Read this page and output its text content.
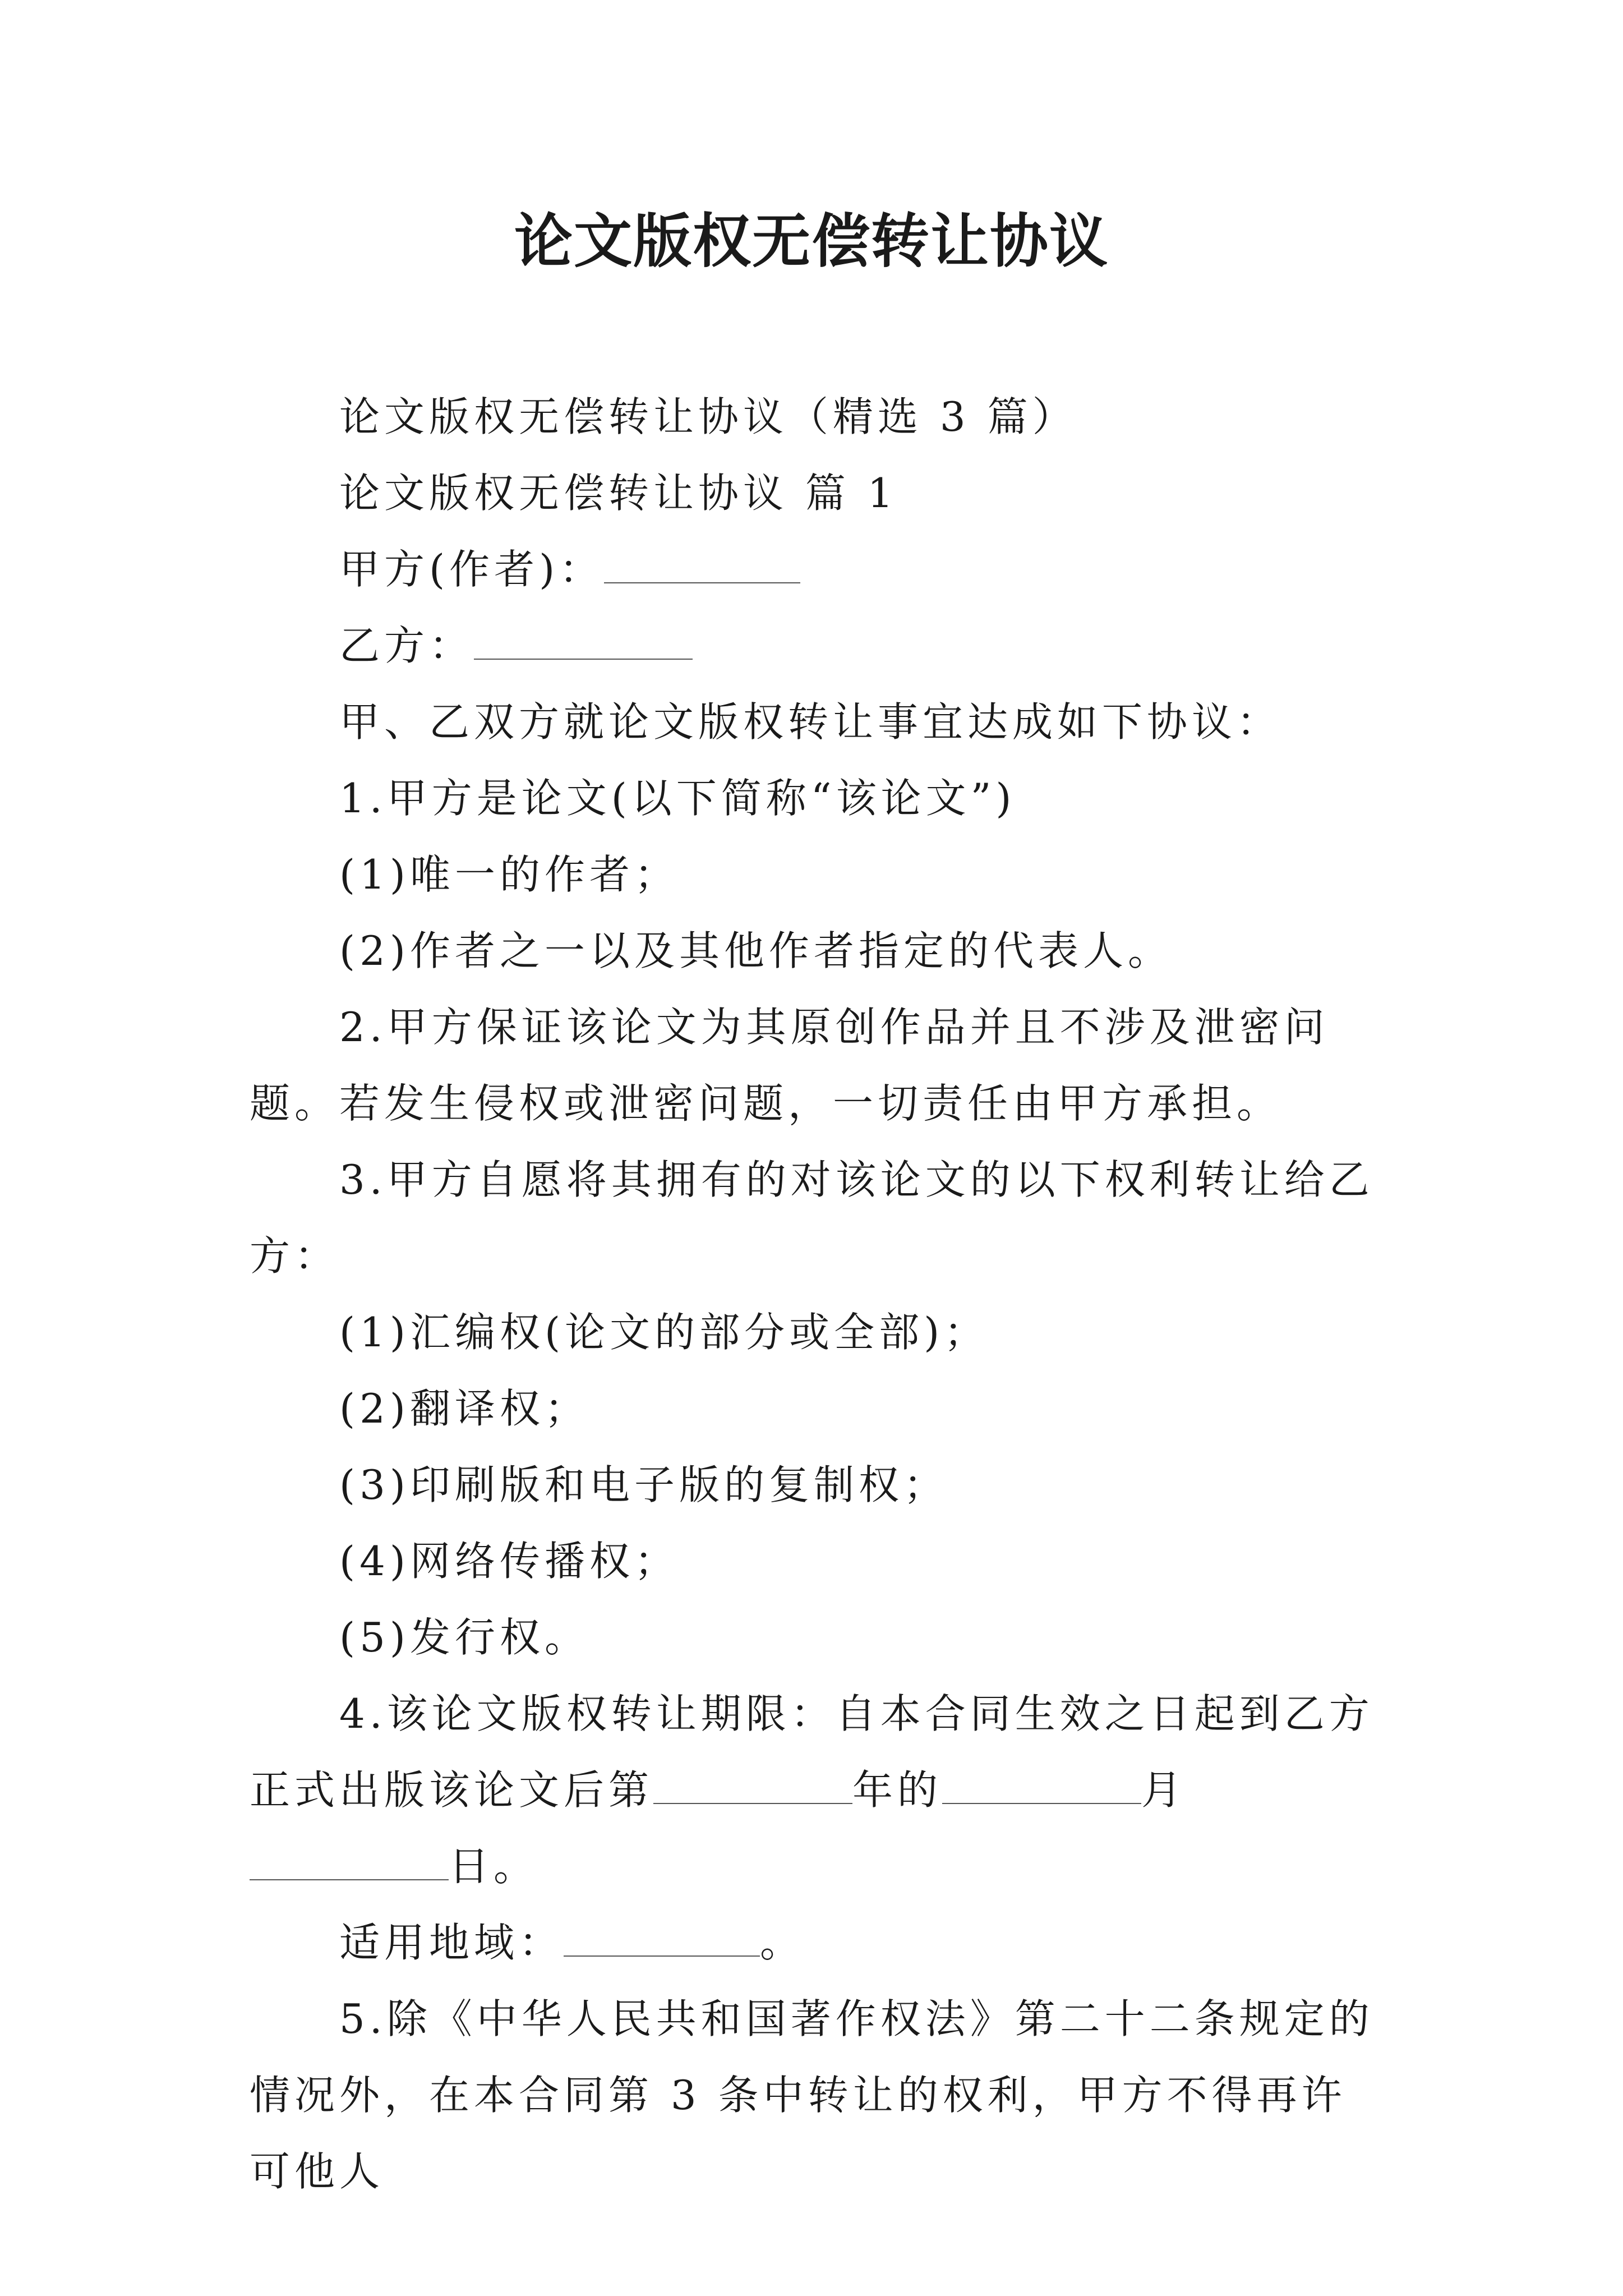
论文版权无偿转让协议

论文版权无偿转让协议（精选 3 篇）

论文版权无偿转让协议 篇 1

甲方(作者)：

乙方：

甲、乙双方就论文版权转让事宜达成如下协议：

1.甲方是论文(以下简称“该论文”)

(1)唯一的作者；

(2)作者之一以及其他作者指定的代表人。

2.甲方保证该论文为其原创作品并且不涉及泄密问题。若发生侵权或泄密问题，一切责任由甲方承担。

3.甲方自愿将其拥有的对该论文的以下权利转让给乙方：

(1)汇编权(论文的部分或全部)；

(2)翻译权；

(3)印刷版和电子版的复制权；

(4)网络传播权；

(5)发行权。

4.该论文版权转让期限：自本合同生效之日起到乙方正式出版该论文后第	年的	月日。

适用地域：	。

5.除《中华人民共和国著作权法》第二十二条规定的情况外，在本合同第 3 条中转让的权利，甲方不得再许可他人
